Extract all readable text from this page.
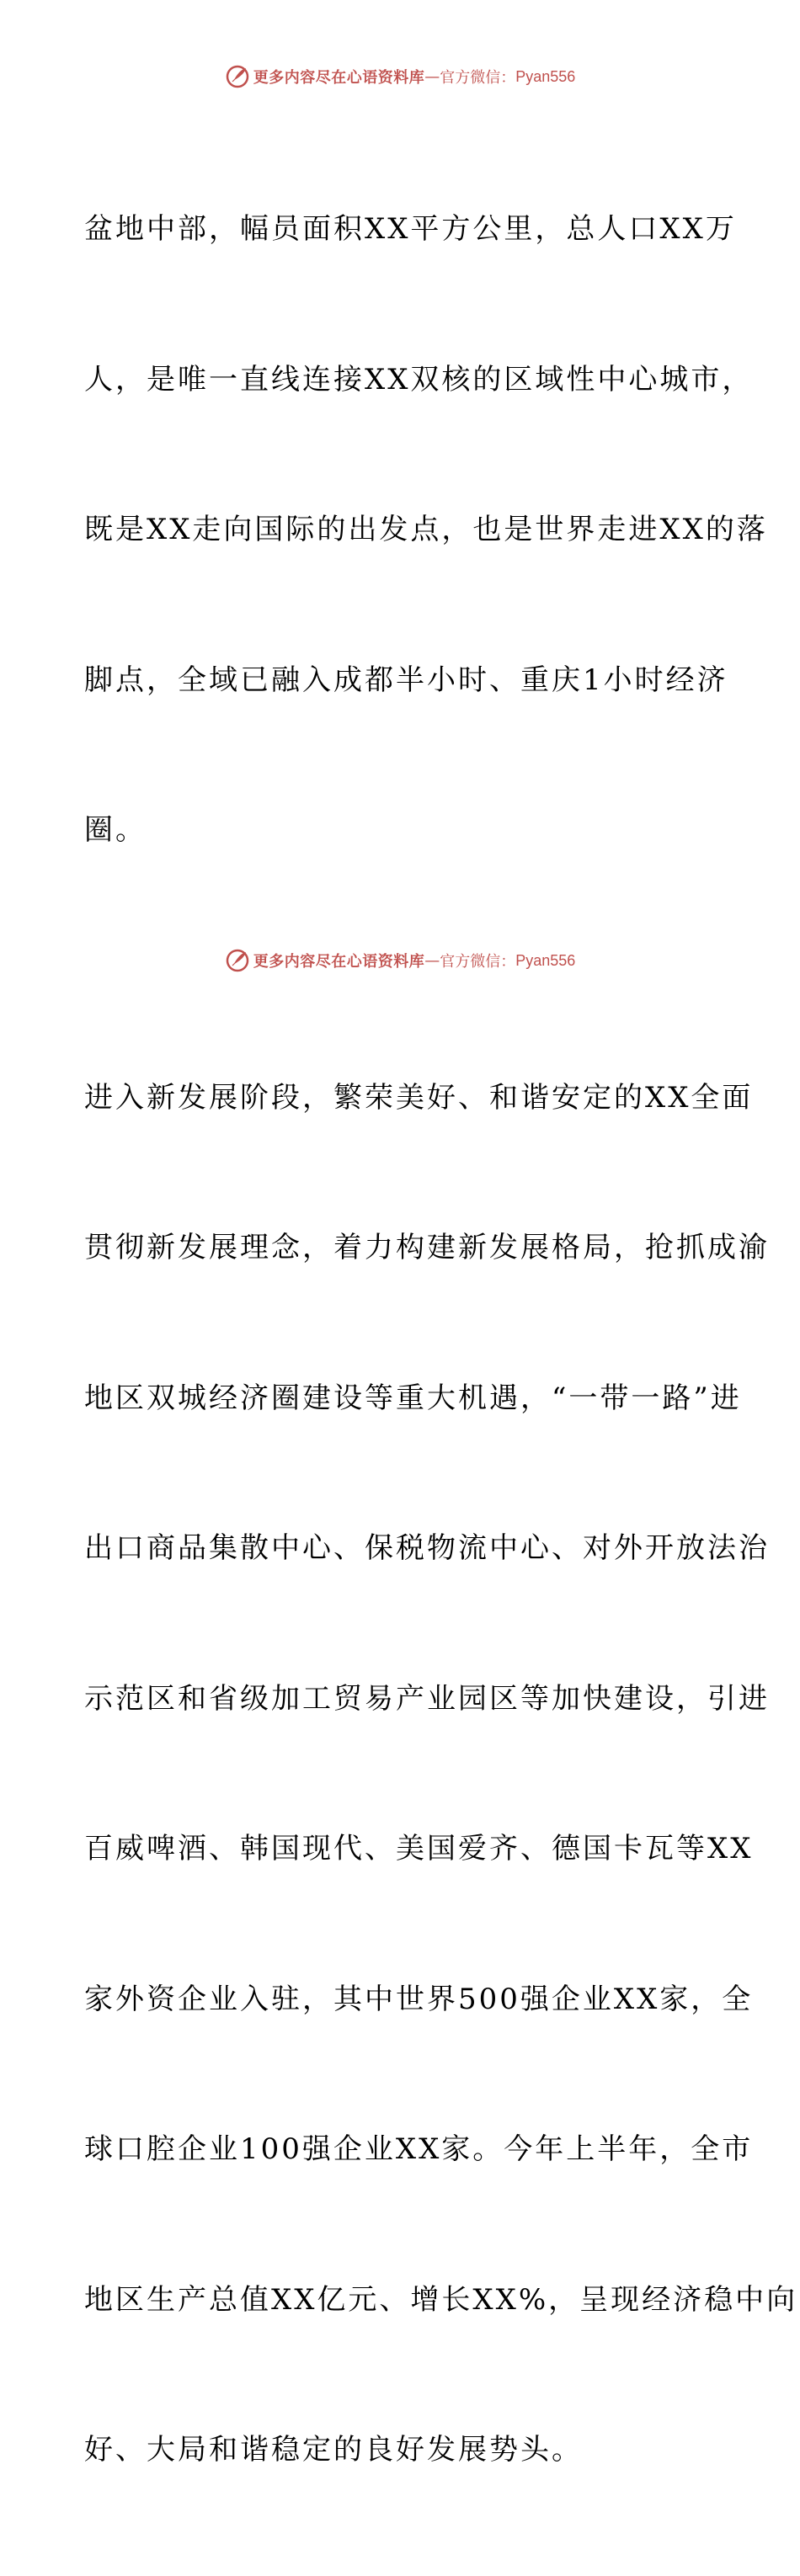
更多内容尽在心语资料库 — 官方微信： Pyan556

盆地中部，幅员面积XX平方公里，总人口XX万

人，是唯一直线连接XX双核的区域性中心城市，

既是XX走向国际的出发点，也是世界走进XX的落

脚点，全域已融入成都半小时、重庆1小时经济

圈。

进入新发展阶段，繁荣美好、和谐安定的XX全面

贯彻新发展理念，着力构建新发展格局，抢抓成渝

地区双城经济圈建设等重大机遇，“一带一路”进

出口商品集散中心、保税物流中心、对外开放法治

示范区和省级加工贸易产业园区等加快建设，引进

百威啤酒、韩国现代、美国爱齐、德国卡瓦等XX

家外资企业入驻，其中世界500强企业XX家，全

球口腔企业100强企业XX家。今年上半年，全市

地区生产总值XX亿元、增长XX%，呈现经济稳中向

好、大局和谐稳定的良好发展势头。

更多内容尽在心语资料库 — 官方微信： Pyan556
